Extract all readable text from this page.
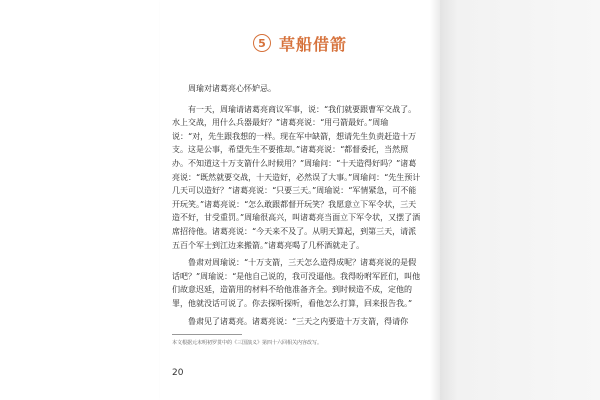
5 草船借箭

周瑜对诸葛亮心怀妒忌。

有一天，周瑜请诸葛亮商议军事，说：“我们就要跟曹军交战了。水上交战，用什么兵器最好？”诸葛亮说：“用弓箭最好。”周瑜说：“对，先生跟我想的一样。现在军中缺箭，想请先生负责赶造十万支。这是公事，希望先生不要推却。”诸葛亮说：“都督委托，当然照办。不知道这十万支箭什么时候用？”周瑜问：“十天造得好吗？”诸葛亮说：“既然就要交战，十天造好，必然误了大事。”周瑜问：“先生预计几天可以造好？”诸葛亮说：“只要三天。”周瑜说：“军情紧急，可不能开玩笑。”诸葛亮说：“怎么敢跟都督开玩笑？我愿意立下军令状，三天造不好，甘受重罚。”周瑜很高兴，叫诸葛亮当面立下军令状，又摆了酒席招待他。诸葛亮说：“今天来不及了。从明天算起，到第三天，请派五百个军士到江边来搬箭。”诸葛亮喝了几杯酒就走了。

鲁肃对周瑜说：“十万支箭，三天怎么造得成呢？诸葛亮说的是假话吧？”周瑜说：“是他自己说的，我可没逼他。我得吩咐军匠们，叫他们故意迟延，造箭用的材料不给他准备齐全。到时候造不成，定他的罪，他就没话可说了。你去探听探听，看他怎么打算，回来报告我。”

鲁肃见了诸葛亮。诸葛亮说：“三天之内要造十万支箭，得请你

本文根据元末明初罗贯中的《三国演义》第四十六回相关内容改写。
20
